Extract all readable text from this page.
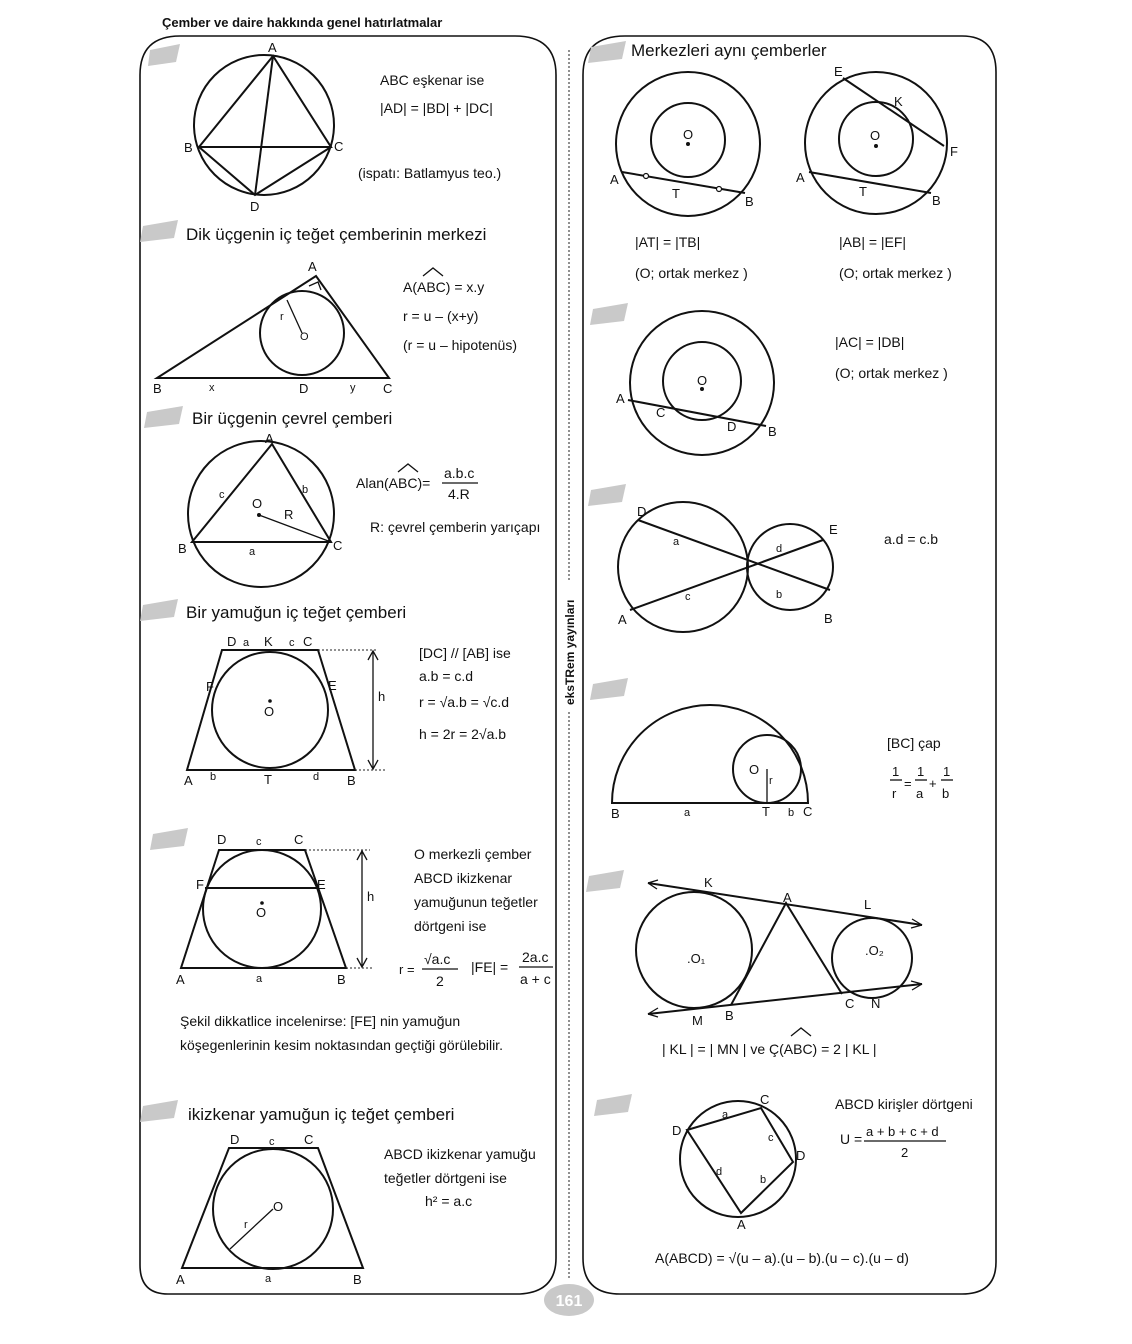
Çember ve daire hakkında genel hatırlatmalar
eksTRem yayınları
161
A
B	C
D
ABC eşkenar ise
|AD| = |BD| + |DC|
(ispatı: Batlamyus teo.)
Dik üçgenin iç teğet çemberinin merkezi
A
B	C
D
x	y
r
O
A(ABC) = x.y
r = u – (x+y)
(r = u – hipotenüs)
Bir üçgenin çevrel çemberi
A
B	C
a
b
c
O
R
Alan(ABC)=
a.b.c
4.R
R: çevrel çemberin yarıçapı
Bir yamuğun iç teğet çemberi
D a K c C
F	E
O
A b	T	d B
h
[DC] // [AB] ise
a.b = c.d
r = √a.b = √c.d
h = 2r = 2√a.b
D	c	C
F	E
O
A	a	B
h
O merkezli çember
ABCD ikizkenar
yamuğunun teğetler
dörtgeni ise
r =
√a.c
2
|FE| =
2a.c
a + c
Şekil dikkatlice incelenirse: [FE] nin yamuğun
köşegenlerinin kesim noktasından geçtiği görülebilir.
ikizkenar yamuğun iç teğet çemberi
D	c C
O
r
A	a	B
ABCD ikizkenar yamuğu
teğetler dörtgeni ise
h² = a.c
Merkezleri aynı çemberler
O
A
T
B
E
K
O
F
A
T
B
|AT| = |TB|	|AB| = |EF|
(O; ortak merkez )	(O; ortak merkez )
O
A
C
D B
|AC| = |DB|
(O; ortak merkez )
D
a
E
d
c	b
A	B
a.d = c.b
O
r
B	a	T b C
[BC] çap
1
r
=
1
a
+
1
b
K
A	L
.O₁
.O₂
C N
M B
| KL | = | MN | ve Ç(ABC) = 2 | KL |
C
a
D	c
D
d
b
A
ABCD kirişler dörtgeni
U = a + b + c + d
2
A(ABCD) = √(u – a).(u – b).(u – c).(u – d)
